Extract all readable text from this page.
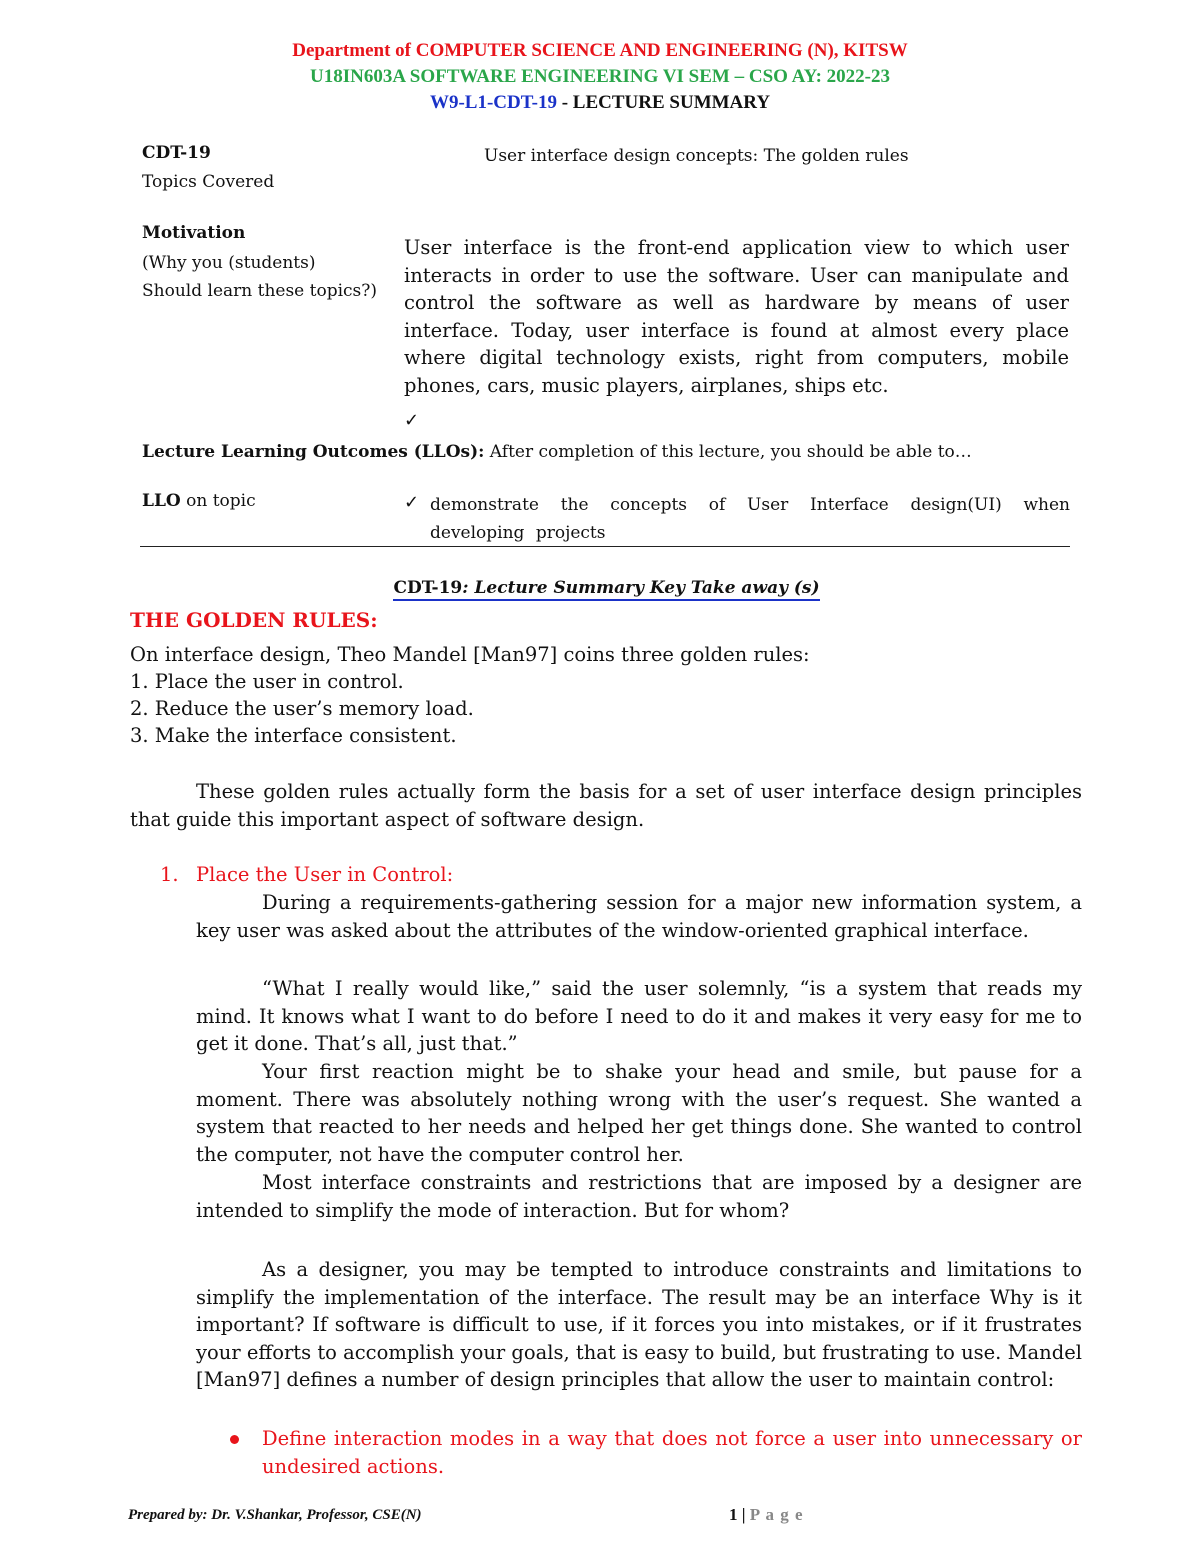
Department of COMPUTER SCIENCE AND ENGINEERING (N), KITSW
U18IN603A SOFTWARE ENGINEERING VI SEM – CSO AY: 2022-23
W9-L1-CDT-19 - LECTURE SUMMARY
CDT-19
Topics Covered
User interface design concepts: The golden rules
Motivation
(Why you (students)
Should learn these topics?)
User interface is the front-end application view to which user interacts in order to use the software. User can manipulate and control the software as well as hardware by means of user interface. Today, user interface is found at almost every place where digital technology exists, right from computers, mobile phones, cars, music players, airplanes, ships etc.
✓
Lecture Learning Outcomes (LLOs): After completion of this lecture, you should be able to…
LLO on topic	✓ demonstrate the concepts of User Interface design(UI) when developing projects
CDT-19: Lecture Summary Key Take away (s)
THE GOLDEN RULES:
On interface design, Theo Mandel [Man97] coins three golden rules:
1. Place the user in control.
2. Reduce the user’s memory load.
3. Make the interface consistent.
These golden rules actually form the basis for a set of user interface design principles that guide this important aspect of software design.
1. Place the User in Control:
During a requirements-gathering session for a major new information system, a key user was asked about the attributes of the window-oriented graphical interface.
“What I really would like,” said the user solemnly, “is a system that reads my mind. It knows what I want to do before I need to do it and makes it very easy for me to get it done. That’s all, just that.”
Your first reaction might be to shake your head and smile, but pause for a moment. There was absolutely nothing wrong with the user’s request. She wanted a system that reacted to her needs and helped her get things done. She wanted to control the computer, not have the computer control her.
Most interface constraints and restrictions that are imposed by a designer are intended to simplify the mode of interaction. But for whom?
As a designer, you may be tempted to introduce constraints and limitations to simplify the implementation of the interface. The result may be an interface Why is it important? If software is difficult to use, if it forces you into mistakes, or if it frustrates your efforts to accomplish your goals, that is easy to build, but frustrating to use. Mandel [Man97] defines a number of design principles that allow the user to maintain control:
Define interaction modes in a way that does not force a user into unnecessary or undesired actions.
Prepared by: Dr. V.Shankar, Professor, CSE(N)	1 | P a g e
